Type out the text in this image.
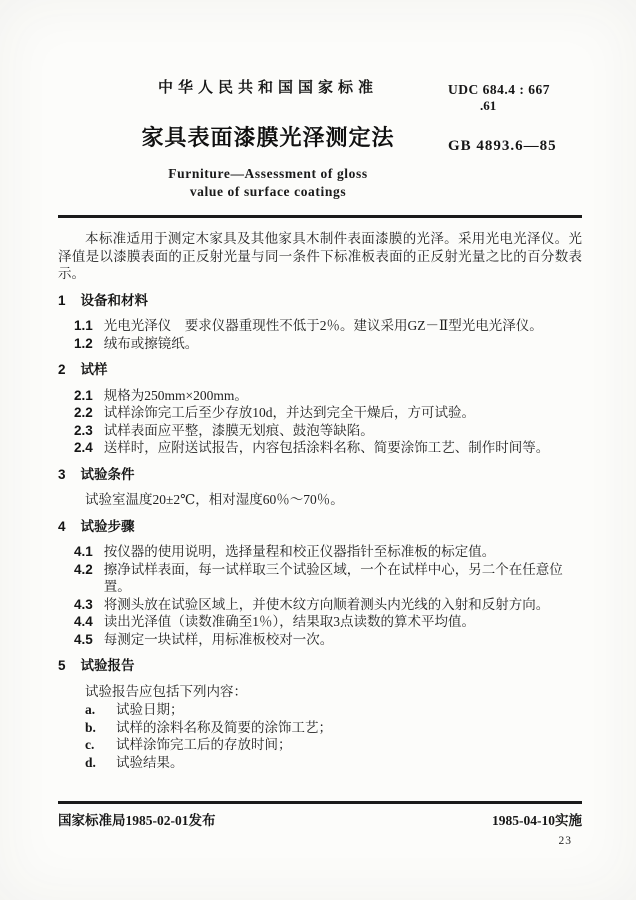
中华人民共和国国家标准
家具表面漆膜光泽测定法
Furniture—Assessment of gloss
value of surface coatings
UDC 684.4 : 667
.61
GB 4893.6—85

本标准适用于测定木家具及其他家具木制件表面漆膜的光泽。采用光电光泽仪。光泽值是以漆膜表面的正反射光量与同一条件下标准板表面的正反射光量之比的百分数表示。

1 设备和材料
1.1 光电光泽仪　要求仪器重现性不低于2％。建议采用GZ－Ⅱ型光电光泽仪。
1.2 绒布或擦镜纸。
2 试样
2.1 规格为250mm×200mm。
2.2 试样涂饰完工后至少存放10d，并达到完全干燥后，方可试验。
2.3 试样表面应平整，漆膜无划痕、鼓泡等缺陷。
2.4 送样时，应附送试报告，内容包括涂料名称、简要涂饰工艺、制作时间等。
3 试验条件

试验室温度20±2℃，相对湿度60％～70％。

4 试验步骤
4.1 按仪器的使用说明，选择量程和校正仪器指针至标准板的标定值。
4.2 擦净试样表面，每一试样取三个试验区域，一个在试样中心，另二个在任意位置。
4.3 将测头放在试验区域上，并使木纹方向顺着测头内光线的入射和反射方向。
4.4 读出光泽值（读数准确至1％），结果取3点读数的算术平均值。
4.5 每测定一块试样，用标准板校对一次。
5 试验报告

试验报告应包括下列内容：

a.	试验日期；
b.	试样的涂料名称及简要的涂饰工艺；
c.	试样涂饰完工后的存放时间；
d.	试验结果。
国家标准局1985-02-01发布	1985-04-10实施
23
